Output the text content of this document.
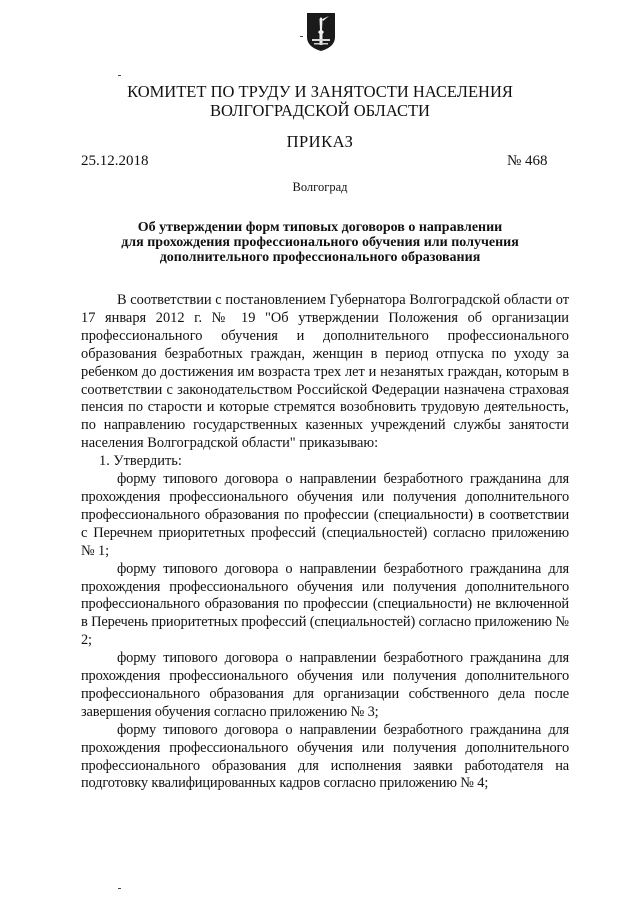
КОМИТЕТ ПО ТРУДУ И ЗАНЯТОСТИ НАСЕЛЕНИЯ
ВОЛГОГРАДСКОЙ ОБЛАСТИ
ПРИКАЗ
25.12.2018	№ 468
Волгоград
Об утверждении форм типовых договоров о направлении
для прохождения профессионального обучения или получения
дополнительного профессионального образования

В соответствии с постановлением Губернатора Волгоградской области от 17 января 2012 г. № 19 "Об утверждении Положения об организации профессионального обучения и дополнительного профессионального образования безработных граждан, женщин в период отпуска по уходу за ребенком до достижения им возраста трех лет и незанятых граждан, которым в соответствии с законодательством Российской Федерации назначена страховая пенсия по старости и которые стремятся возобновить трудовую деятельность, по направлению государственных казенных учреждений службы занятости населения Волгоградской области" приказываю:

1. Утвердить:

форму типового договора о направлении безработного гражданина для прохождения профессионального обучения или получения дополнительного профессионального образования по профессии (специальности) в соответствии с Перечнем приоритетных профессий (специальностей) согласно приложению № 1;

форму типового договора о направлении безработного гражданина для прохождения профессионального обучения или получения дополнительного профессионального образования по профессии (специальности) не включенной в Перечень приоритетных профессий (специальностей) согласно приложению № 2;

форму типового договора о направлении безработного гражданина для прохождения профессионального обучения или получения дополнительного профессионального образования для организации собственного дела после завершения обучения согласно приложению № 3;

форму типового договора о направлении безработного гражданина для прохождения профессионального обучения или получения дополнительного профессионального образования для исполнения заявки работодателя на подготовку квалифицированных кадров согласно приложению № 4;
